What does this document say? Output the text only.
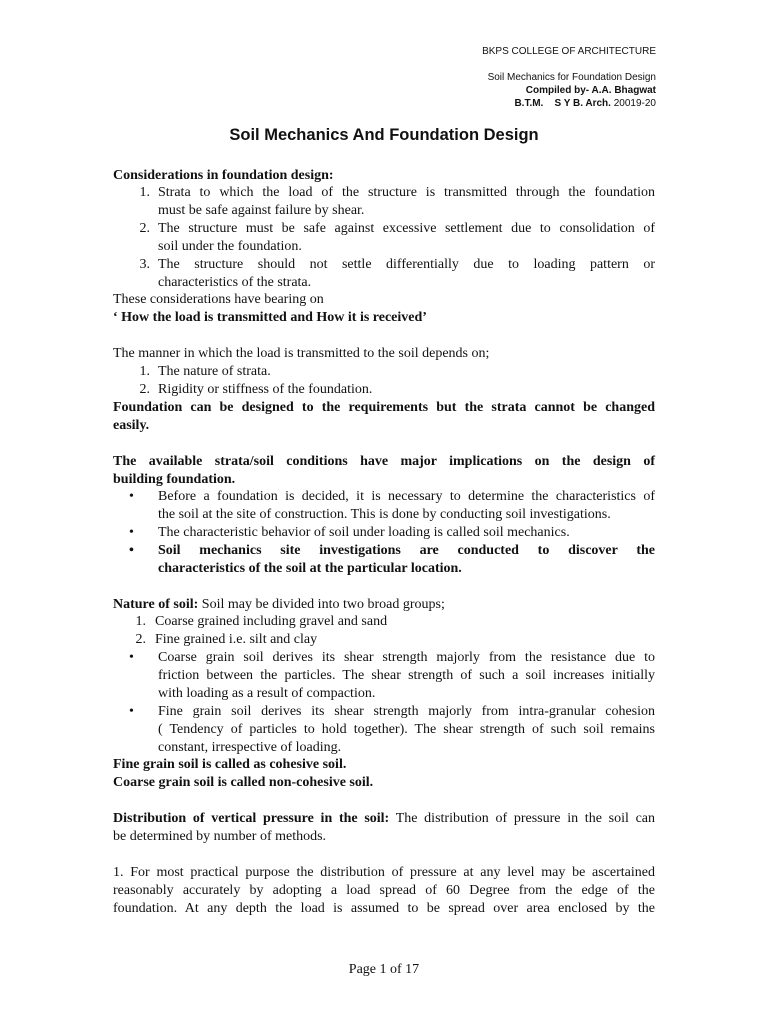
BKPS COLLEGE OF ARCHITECTURE
Soil Mechanics for Foundation Design
Compiled by- A.A. Bhagwat
B.T.M.    S Y B. Arch. 20019-20
Soil Mechanics And Foundation Design
Considerations in foundation design:
1. Strata to which the load of the structure is transmitted through the foundation
must be safe against failure by shear.
2. The structure must be safe against excessive settlement due to consolidation of
soil under the foundation.
3. The structure should not settle differentially due to loading pattern or
characteristics of the strata.
These considerations have bearing on
‘ How the load is transmitted and How it is received’
The manner in which the load is transmitted to the soil depends on;
1. The nature of strata.
2. Rigidity or stiffness of the foundation.
Foundation can be designed to the requirements but the strata cannot be changed
easily.
The available strata/soil conditions have major implications on the design of
building foundation.
• Before a foundation is decided, it is necessary to determine the characteristics of
the soil at the site of construction. This is done by conducting soil investigations.
• The characteristic behavior of soil under loading is called soil mechanics.
• Soil mechanics site investigations are conducted to discover the
characteristics of the soil at the particular location.
Nature of soil: Soil may be divided into two broad groups;
1. Coarse grained including gravel and sand
2. Fine grained i.e. silt and clay
• Coarse grain soil derives its shear strength majorly from the resistance due to
friction between the particles. The shear strength of such a soil increases initially
with loading as a result of compaction.
• Fine grain soil derives its shear strength majorly from intra-granular cohesion
( Tendency of particles to hold together). The shear strength of such soil remains
constant, irrespective of loading.
Fine grain soil is called as cohesive soil.
Coarse grain soil is called non-cohesive soil.
Distribution of vertical pressure in the soil: The distribution of pressure in the soil can
be determined by number of methods.
1. For most practical purpose the distribution of pressure at any level may be ascertained
reasonably accurately by adopting a load spread of 60 Degree from the edge of the
foundation. At any depth the load is assumed to be spread over area enclosed by the
Page 1 of 17
